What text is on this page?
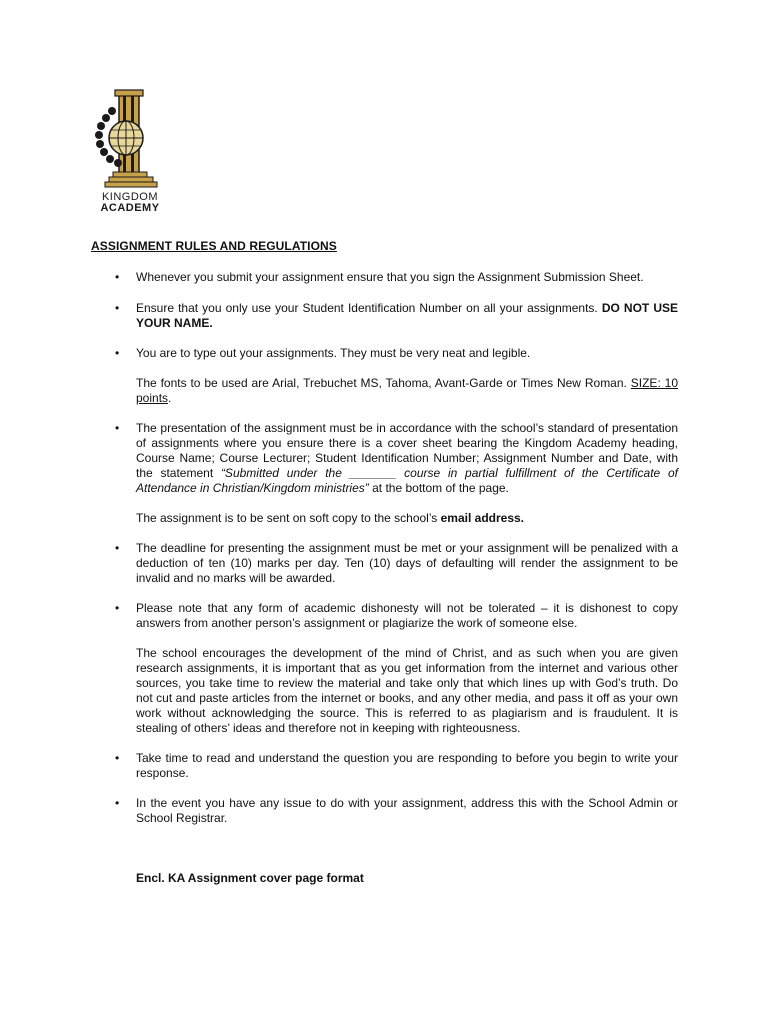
KINGDOM
ACADEMY
ASSIGNMENT RULES AND REGULATIONS
• Whenever you submit your assignment ensure that you sign the Assignment Submission Sheet.
• Ensure that you only use your Student Identification Number on all your assignments. DO NOT USE YOUR NAME.
• You are to type out your assignments. They must be very neat and legible.
The fonts to be used are Arial, Trebuchet MS, Tahoma, Avant-Garde or Times New Roman. SIZE: 10 points.
• The presentation of the assignment must be in accordance with the school’s standard of presentation of assignments where you ensure there is a cover sheet bearing the Kingdom Academy heading, Course Name; Course Lecturer; Student Identification Number; Assignment Number and Date, with the statement “Submitted under the _______ course in partial fulfillment of the Certificate of Attendance in Christian/Kingdom ministries” at the bottom of the page.
The assignment is to be sent on soft copy to the school’s email address.
• The deadline for presenting the assignment must be met or your assignment will be penalized with a deduction of ten (10) marks per day. Ten (10) days of defaulting will render the assignment to be invalid and no marks will be awarded.
• Please note that any form of academic dishonesty will not be tolerated – it is dishonest to copy answers from another person’s assignment or plagiarize the work of someone else.
The school encourages the development of the mind of Christ, and as such when you are given research assignments, it is important that as you get information from the internet and various other sources, you take time to review the material and take only that which lines up with God’s truth. Do not cut and paste articles from the internet or books, and any other media, and pass it off as your own work without acknowledging the source. This is referred to as plagiarism and is fraudulent. It is stealing of others’ ideas and therefore not in keeping with righteousness.
• Take time to read and understand the question you are responding to before you begin to write your response.
• In the event you have any issue to do with your assignment, address this with the School Admin or School Registrar.
Encl. KA Assignment cover page format
